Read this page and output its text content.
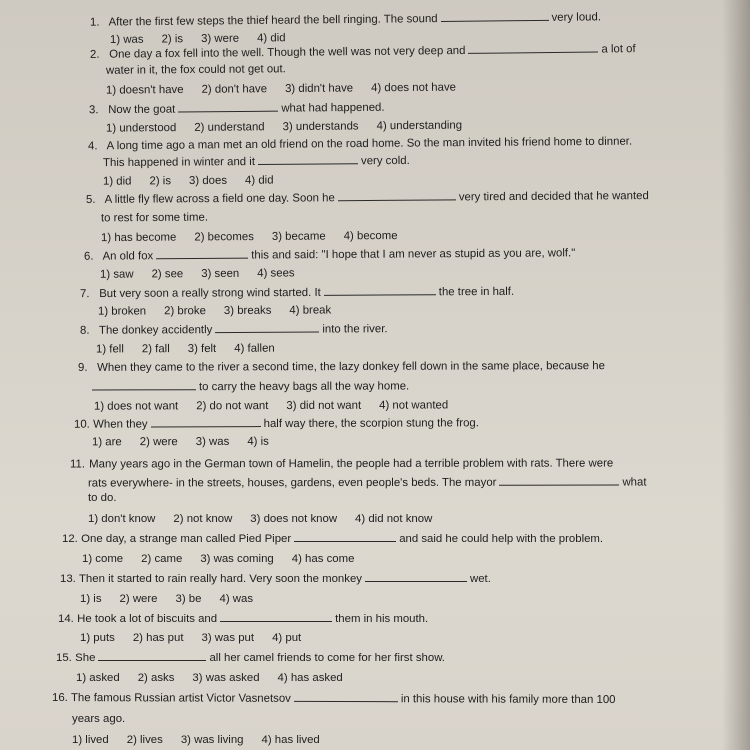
1. After the first few steps the thief heard the bell ringing. The sound	very loud.
1) was 2) is 3) were 4) did
2. One day a fox fell into the well. Though the well was not very deep and	a lot of
water in it, the fox could not get out.
1) doesn't have 2) don't have 3) didn't have 4) does not have
3. Now the goat	what had happened.
1) understood 2) understand 3) understands 4) understanding
4. A long time ago a man met an old friend on the road home. So the man invited his friend home to dinner.
This happened in winter and it	very cold.
1) did 2) is 3) does 4) did
5. A little fly flew across a field one day. Soon he	very tired and decided that he wanted
to rest for some time.
1) has become 2) becomes 3) became 4) become
6. An old fox	this and said: "I hope that I am never as stupid as you are, wolf."
1) saw 2) see 3) seen 4) sees
7. But very soon a really strong wind started. It	the tree in half.
1) broken 2) broke 3) breaks 4) break
8. The donkey accidently	into the river.
1) fell 2) fall 3) felt 4) fallen
9. When they came to the river a second time, the lazy donkey fell down in the same place, because he
to carry the heavy bags all the way home.
1) does not want 2) do not want 3) did not want 4) not wanted
10. When they	half way there, the scorpion stung the frog.
1) are 2) were 3) was 4) is
11. Many years ago in the German town of Hamelin, the people had a terrible problem with rats. There were
rats everywhere- in the streets, houses, gardens, even people's beds. The mayor	what
to do.
1) don't know 2) not know 3) does not know 4) did not know
12. One day, a strange man called Pied Piper	and said he could help with the problem.
1) come 2) came 3) was coming 4) has come
13. Then it started to rain really hard. Very soon the monkey	wet.
1) is 2) were 3) be 4) was
14. He took a lot of biscuits and	them in his mouth.
1) puts 2) has put 3) was put 4) put
15. She	all her camel friends to come for her first show.
1) asked 2) asks 3) was asked 4) has asked
16. The famous Russian artist Victor Vasnetsov	in this house with his family more than 100
years ago.
1) lived 2) lives 3) was living 4) has lived
